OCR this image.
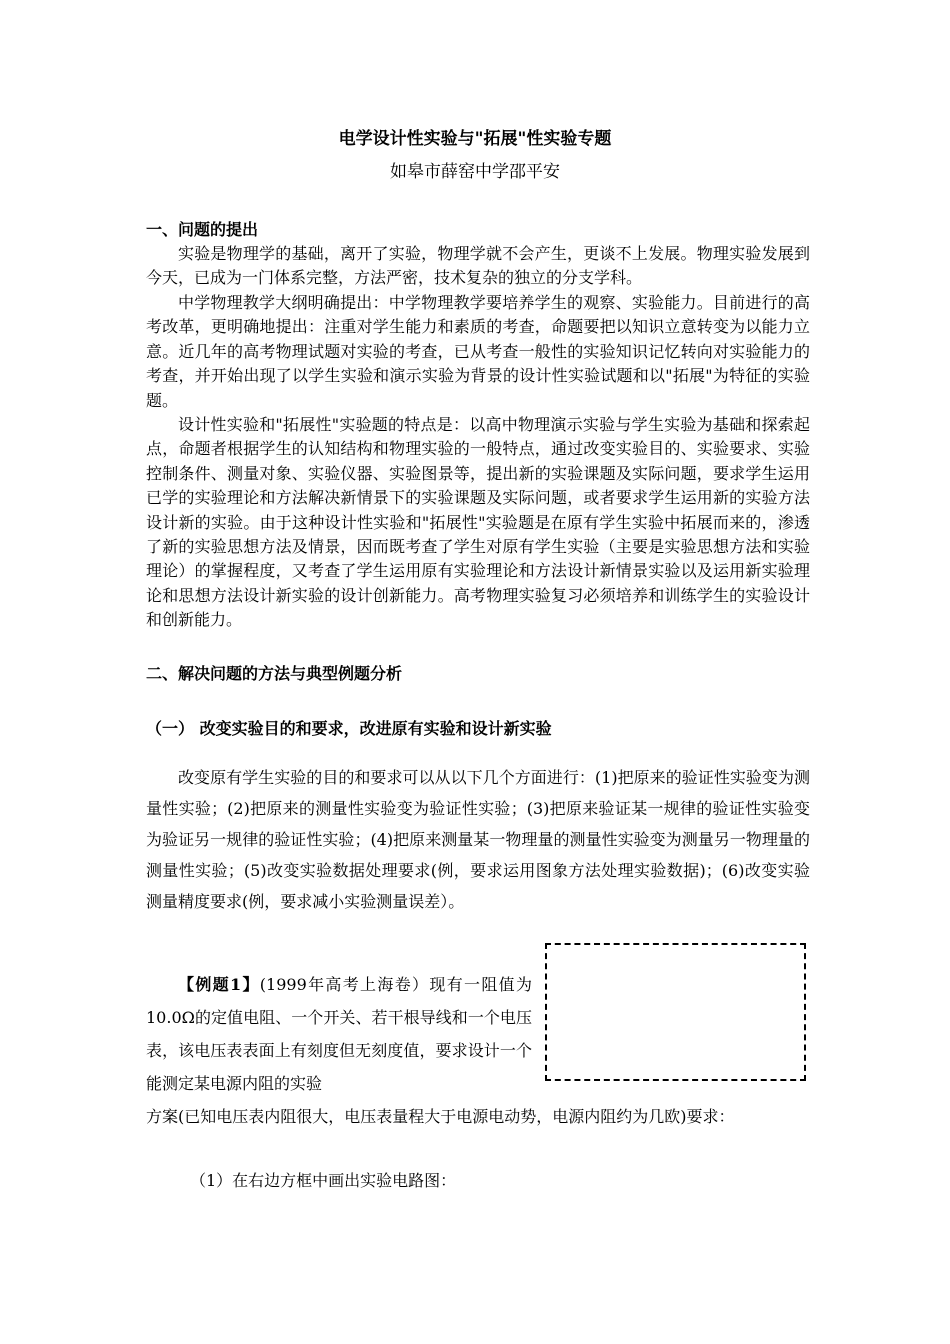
电学设计性实验与"拓展"性实验专题
如皋市薛窑中学邵平安
一、问题的提出
实验是物理学的基础，离开了实验，物理学就不会产生，更谈不上发展。物理实验发展到今天，已成为一门体系完整，方法严密，技术复杂的独立的分支学科。
中学物理教学大纲明确提出：中学物理教学要培养学生的观察、实验能力。目前进行的高考改革，更明确地提出：注重对学生能力和素质的考查，命题要把以知识立意转变为以能力立意。近几年的高考物理试题对实验的考查，已从考查一般性的实验知识记忆转向对实验能力的考查，并开始出现了以学生实验和演示实验为背景的设计性实验试题和以"拓展"为特征的实验题。
设计性实验和"拓展性"实验题的特点是：以高中物理演示实验与学生实验为基础和探索起点，命题者根据学生的认知结构和物理实验的一般特点，通过改变实验目的、实验要求、实验控制条件、测量对象、实验仪器、实验图景等，提出新的实验课题及实际问题，要求学生运用已学的实验理论和方法解决新情景下的实验课题及实际问题，或者要求学生运用新的实验方法设计新的实验。由于这种设计性实验和"拓展性"实验题是在原有学生实验中拓展而来的，渗透了新的实验思想方法及情景，因而既考查了学生对原有学生实验（主要是实验思想方法和实验理论）的掌握程度，又考查了学生运用原有实验理论和方法设计新情景实验以及运用新实验理论和思想方法设计新实验的设计创新能力。高考物理实验复习必须培养和训练学生的实验设计和创新能力。
二、解决问题的方法与典型例题分析
（一） 改变实验目的和要求，改进原有实验和设计新实验
改变原有学生实验的目的和要求可以从以下几个方面进行：(1)把原来的验证性实验变为测量性实验；(2)把原来的测量性实验变为验证性实验；(3)把原来验证某一规律的验证性实验变为验证另一规律的验证性实验；(4)把原来测量某一物理量的测量性实验变为测量另一物理量的测量性实验；(5)改变实验数据处理要求(例，要求运用图象方法处理实验数据)；(6)改变实验测量精度要求(例，要求减小实验测量误差）。
【例题1】(1999年高考上海卷）现有一阻值为10.0Ω的定值电阻、一个开关、若干根导线和一个电压表，该电压表表面上有刻度但无刻度值，要求设计一个能测定某电源内阻的实验
方案(已知电压表内阻很大，电压表量程大于电源电动势，电源内阻约为几欧)要求：
（1）在右边方框中画出实验电路图：
